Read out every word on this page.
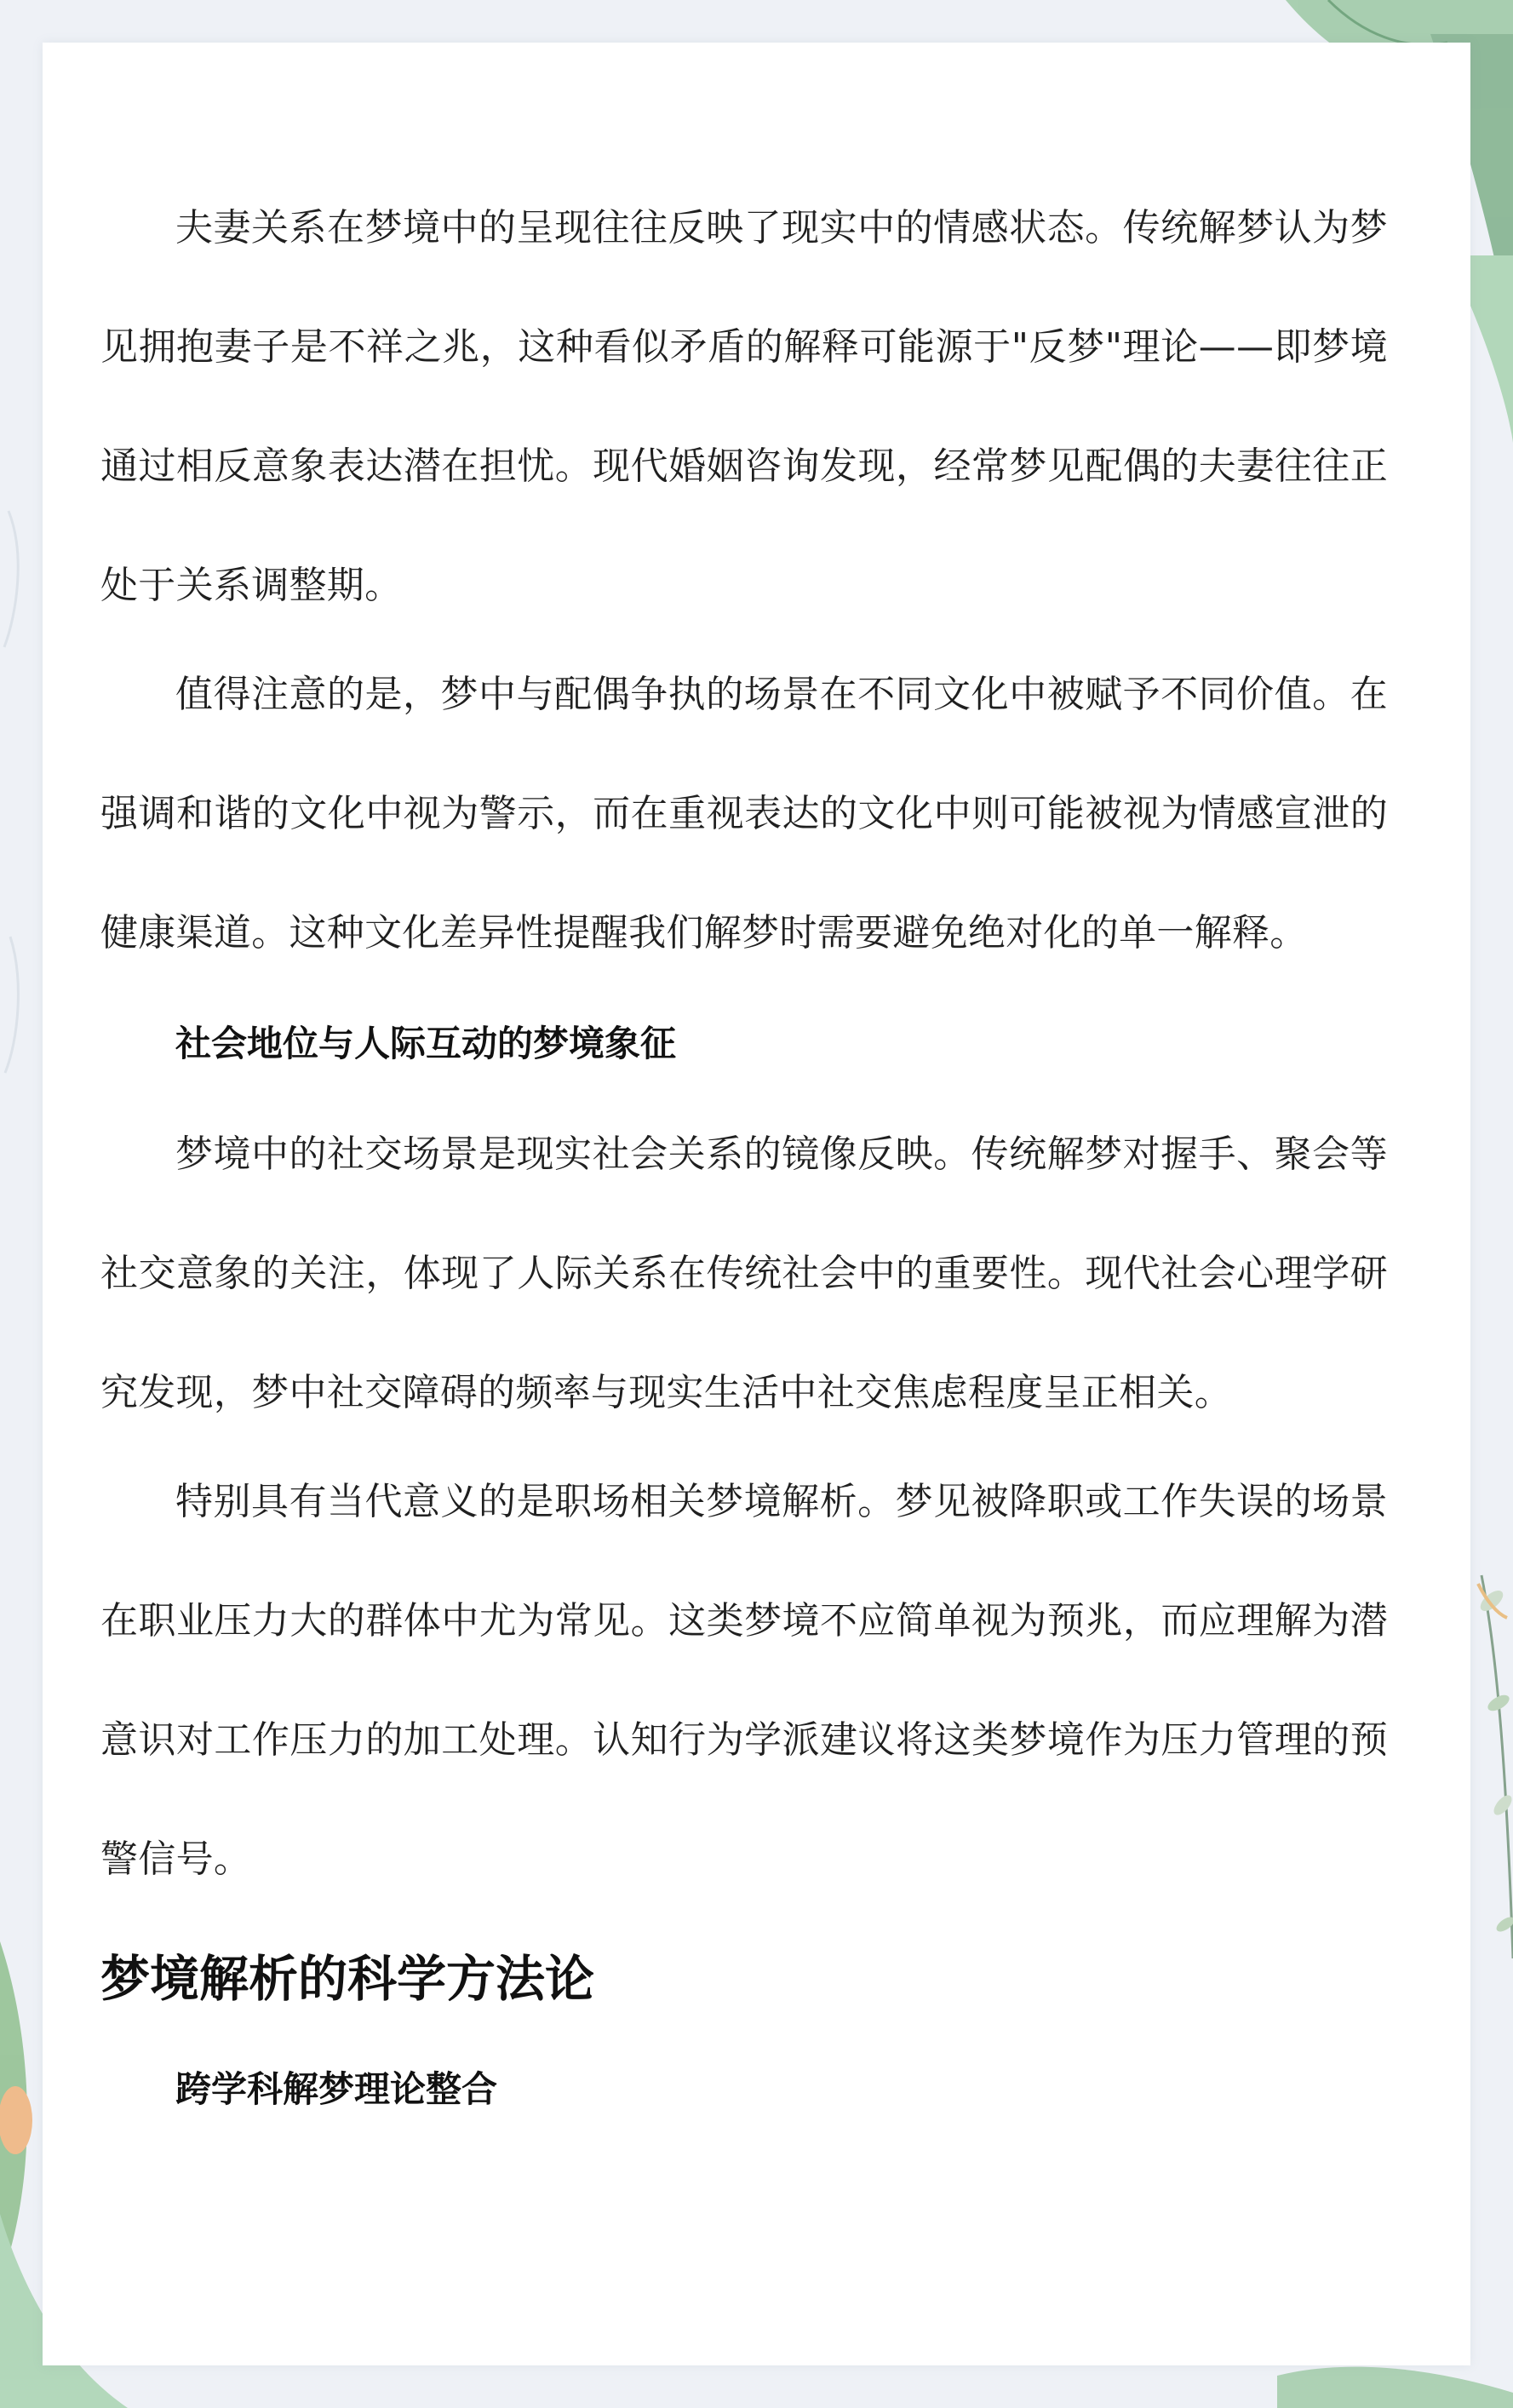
夫妻关系在梦境中的呈现往往反映了现实中的情感状态。传统解梦认为梦见拥抱妻子是不祥之兆，这种看似矛盾的解释可能源于"反梦"理论——即梦境通过相反意象表达潜在担忧。现代婚姻咨询发现，经常梦见配偶的夫妻往往正处于关系调整期。

值得注意的是，梦中与配偶争执的场景在不同文化中被赋予不同价值。在强调和谐的文化中视为警示，而在重视表达的文化中则可能被视为情感宣泄的健康渠道。这种文化差异性提醒我们解梦时需要避免绝对化的单一解释。

社会地位与人际互动的梦境象征

梦境中的社交场景是现实社会关系的镜像反映。传统解梦对握手、聚会等社交意象的关注，体现了人际关系在传统社会中的重要性。现代社会心理学研究发现，梦中社交障碍的频率与现实生活中社交焦虑程度呈正相关。

特别具有当代意义的是职场相关梦境解析。梦见被降职或工作失误的场景在职业压力大的群体中尤为常见。这类梦境不应简单视为预兆，而应理解为潜意识对工作压力的加工处理。认知行为学派建议将这类梦境作为压力管理的预警信号。

梦境解析的科学方法论
跨学科解梦理论整合
